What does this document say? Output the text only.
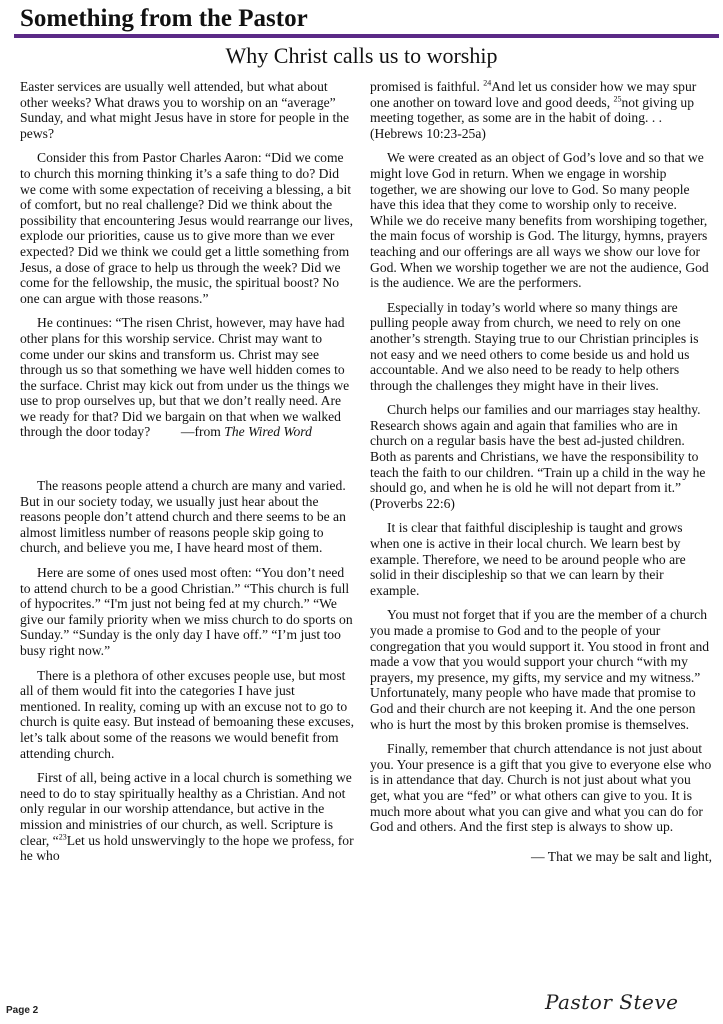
Something from the Pastor
Why Christ calls us to worship

Easter services are usually well attended, but what about other weeks? What draws you to worship on an “average” Sunday, and what might Jesus have in store for people in the pews?

Consider this from Pastor Charles Aaron: “Did we come to church this morning thinking it’s a safe thing to do? Did we come with some expectation of receiving a blessing, a bit of comfort, but no real challenge? Did we think about the possibility that encountering Jesus would rearrange our lives, explode our priorities, cause us to give more than we ever expected? Did we think we could get a little something from Jesus, a dose of grace to help us through the week? Did we come for the fellowship, the music, the spiritual boost? No one can argue with those reasons.”

He continues: “The risen Christ, however, may have had other plans for this worship service. Christ may want to come under our skins and transform us. Christ may see through us so that something we have well hidden comes to the surface. Christ may kick out from under us the things we use to prop ourselves up, but that we don’t really need. Are we ready for that? Did we bargain on that when we walked through the door today? —from The Wired Word

The reasons people attend a church are many and varied. But in our society today, we usually just hear about the reasons people don’t attend church and there seems to be an almost limitless number of reasons people skip going to church, and believe you me, I have heard most of them.

Here are some of ones used most often: “You don’t need to attend church to be a good Christian.” “This church is full of hypocrites.” “I'm just not being fed at my church.” “We give our family priority when we miss church to do sports on Sunday.” “Sunday is the only day I have off.” “I’m just too busy right now.”

There is a plethora of other excuses people use, but most all of them would fit into the categories I have just mentioned. In reality, coming up with an excuse not to go to church is quite easy. But instead of bemoaning these excuses, let’s talk about some of the reasons we would benefit from attending church.

First of all, being active in a local church is something we need to do to stay spiritually healthy as a Christian. And not only regular in our worship attendance, but active in the mission and ministries of our church, as well. Scripture is clear, “$^{23}$Let us hold unswervingly to the hope we profess, for he who

promised is faithful. $^{24}$And let us consider how we may spur one another on toward love and good deeds, $^{25}$not giving up meeting together, as some are in the habit of doing. . . (Hebrews 10:23-25a)

We were created as an object of God’s love and so that we might love God in return. When we engage in worship together, we are showing our love to God. So many people have this idea that they come to worship only to receive. While we do receive many benefits from worshiping together, the main focus of worship is God. The liturgy, hymns, prayers teaching and our offerings are all ways we show our love for God. When we worship together we are not the audience, God is the audience. We are the performers.

Especially in today’s world where so many things are pulling people away from church, we need to rely on one another’s strength. Staying true to our Christian principles is not easy and we need others to come beside us and hold us accountable. And we also need to be ready to help others through the challenges they might have in their lives.

Church helps our families and our marriages stay healthy. Research shows again and again that families who are in church on a regular basis have the best ad-justed children. Both as parents and Christians, we have the responsibility to teach the faith to our children. “Train up a child in the way he should go, and when he is old he will not depart from it.” (Proverbs 22:6)

It is clear that faithful discipleship is taught and grows when one is active in their local church. We learn best by example. Therefore, we need to be around people who are solid in their discipleship so that we can learn by their example.

You must not forget that if you are the member of a church you made a promise to God and to the people of your congregation that you would support it. You stood in front and made a vow that you would support your church “with my prayers, my presence, my gifts, my service and my witness.” Unfortunately, many people who have made that promise to God and their church are not keeping it. And the one person who is hurt the most by this broken promise is themselves.

Finally, remember that church attendance is not just about you. Your presence is a gift that you give to everyone else who is in attendance that day. Church is not just about what you get, what you are “fed” or what others can give to you. It is much more about what you can give and what you can do for God and others. And the first step is always to show up.

— That we may be salt and light,

Page 2	Pastor Steve
